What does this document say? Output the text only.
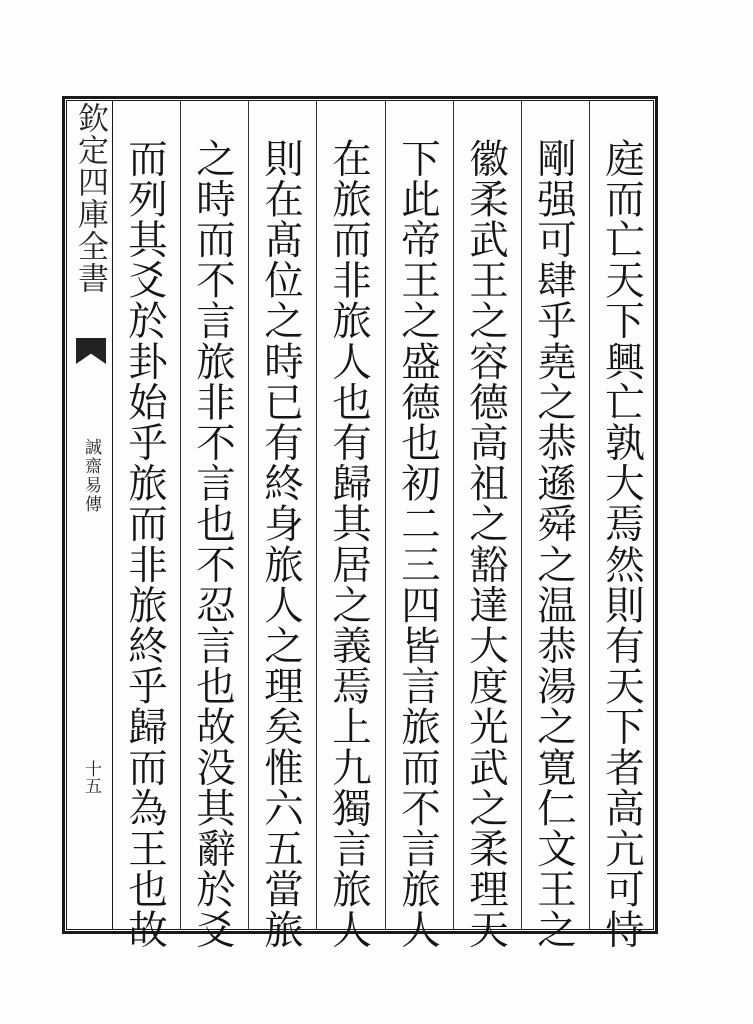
欽定四庫全書
誠齋易傳
十五	庭而亡天下興亡孰大焉然則有天下者高亢可恃
剛强可肆乎堯之恭遜舜之温恭湯之寛仁文王之
徽柔武王之容德高祖之豁達大度光武之柔理天
下此帝王之盛德也初二三四皆言旅而不言旅人
在旅而非旅人也有歸其居之義焉上九獨言旅人
則在髙位之時已有終身旅人之理矣惟六五當旅
之時而不言旅非不言也不忍言也故没其辭於爻
而列其爻於卦始乎旅而非旅終乎歸而為王也故
